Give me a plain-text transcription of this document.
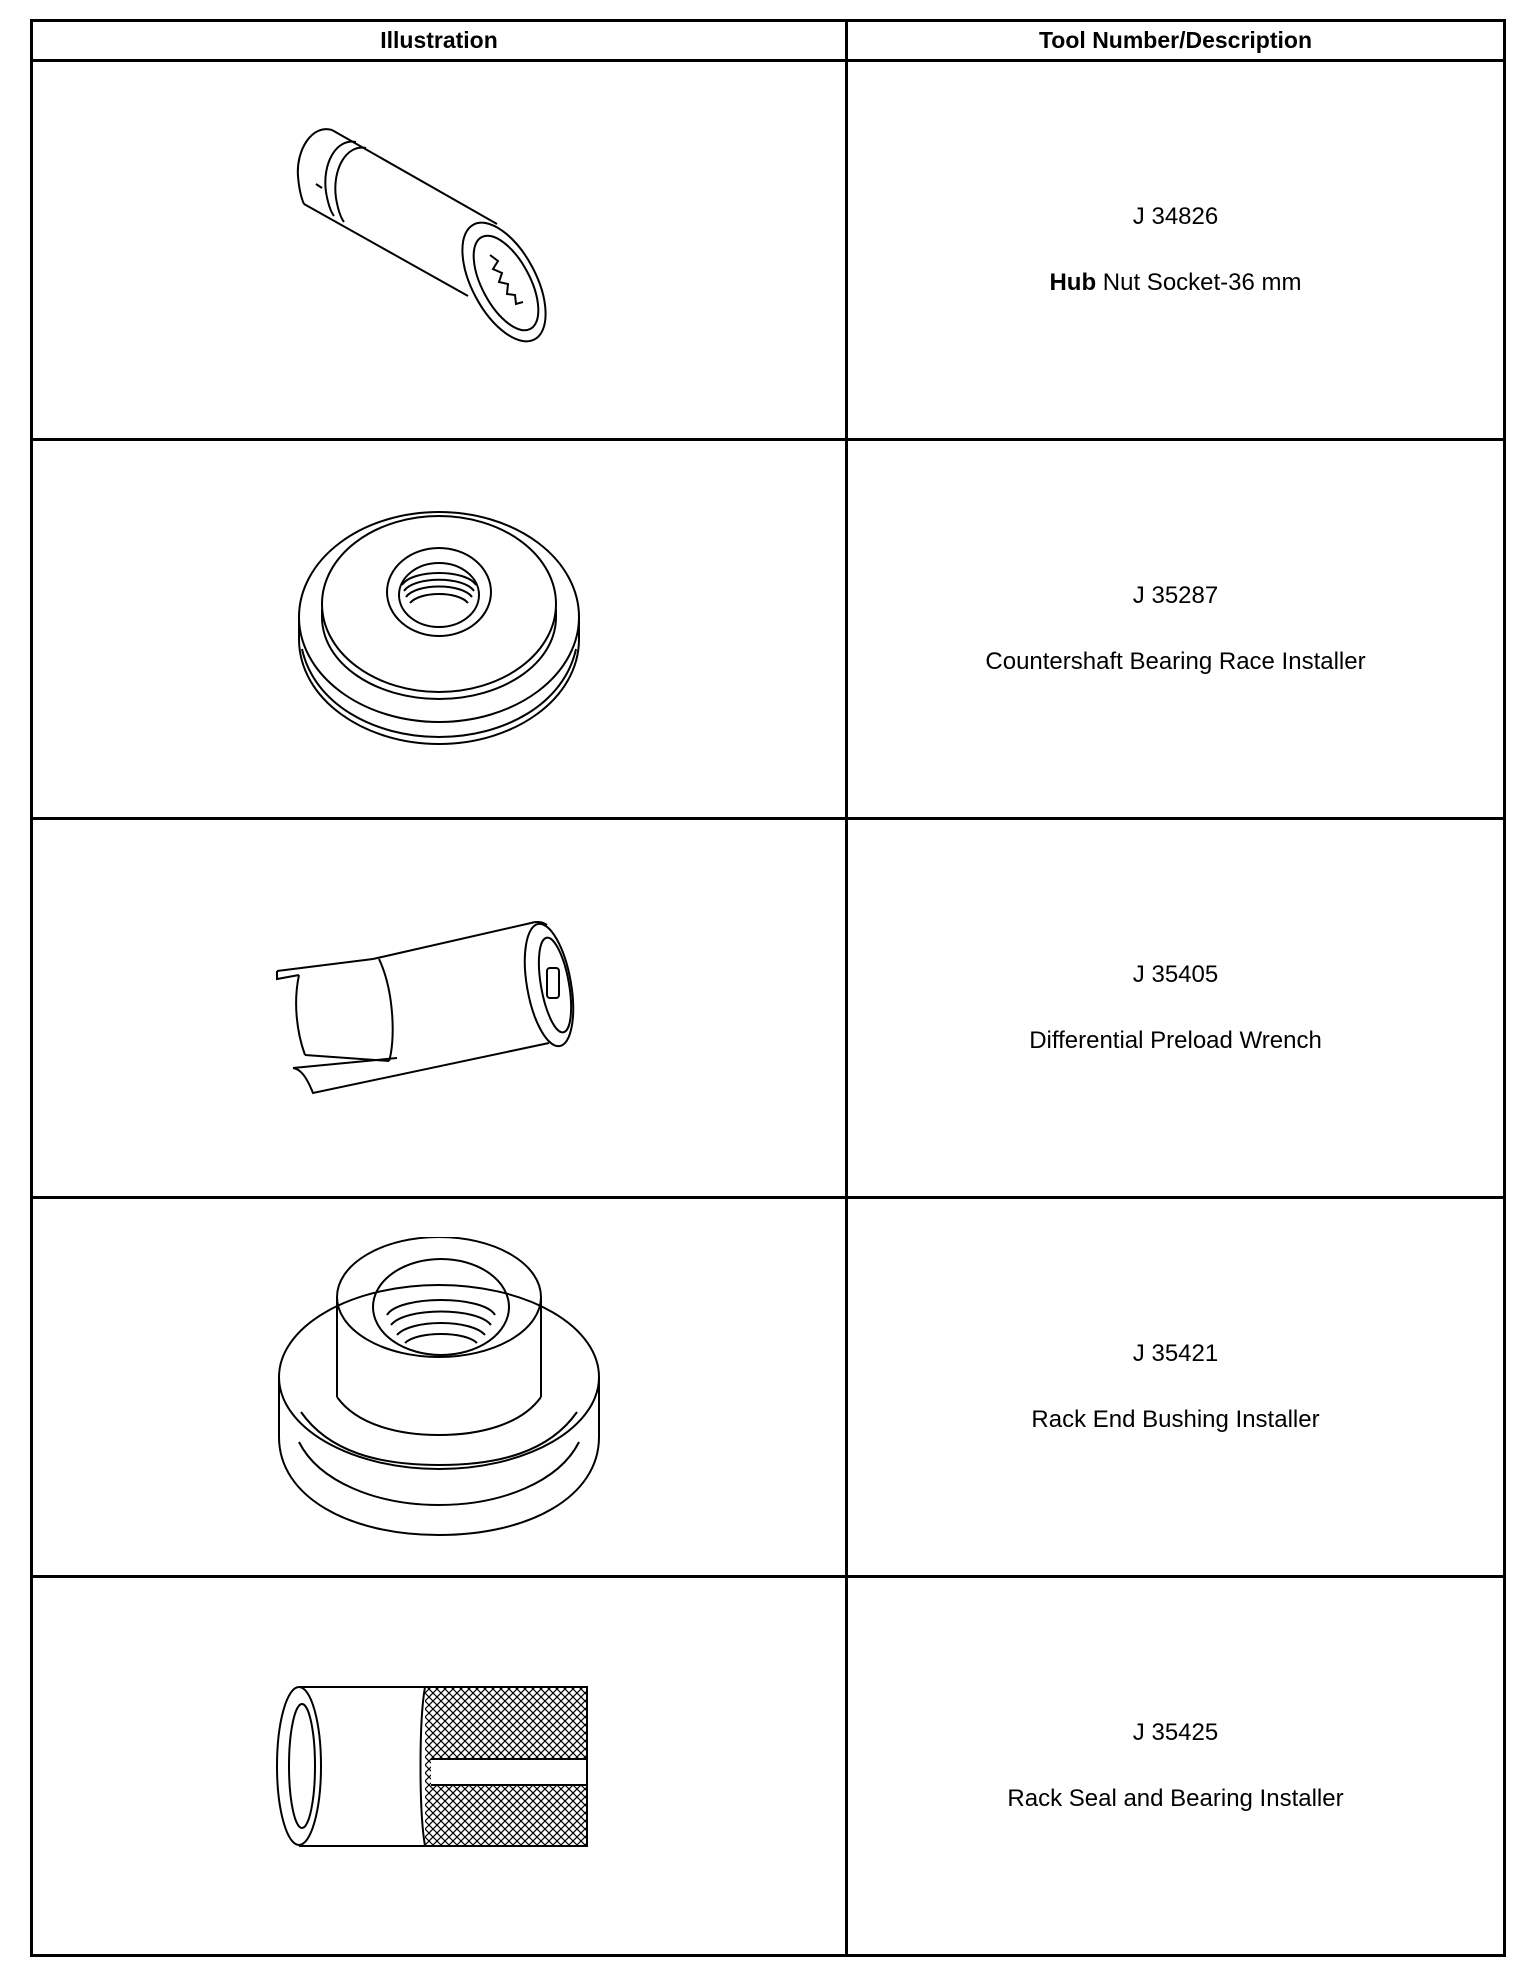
Illustration	Tool Number/Description

J 34826
Hub Nut Socket-36 mm

J 35287
Countershaft Bearing Race Installer

J 35405
Differential Preload Wrench

J 35421
Rack End Bushing Installer

J 35425
Rack Seal and Bearing Installer
